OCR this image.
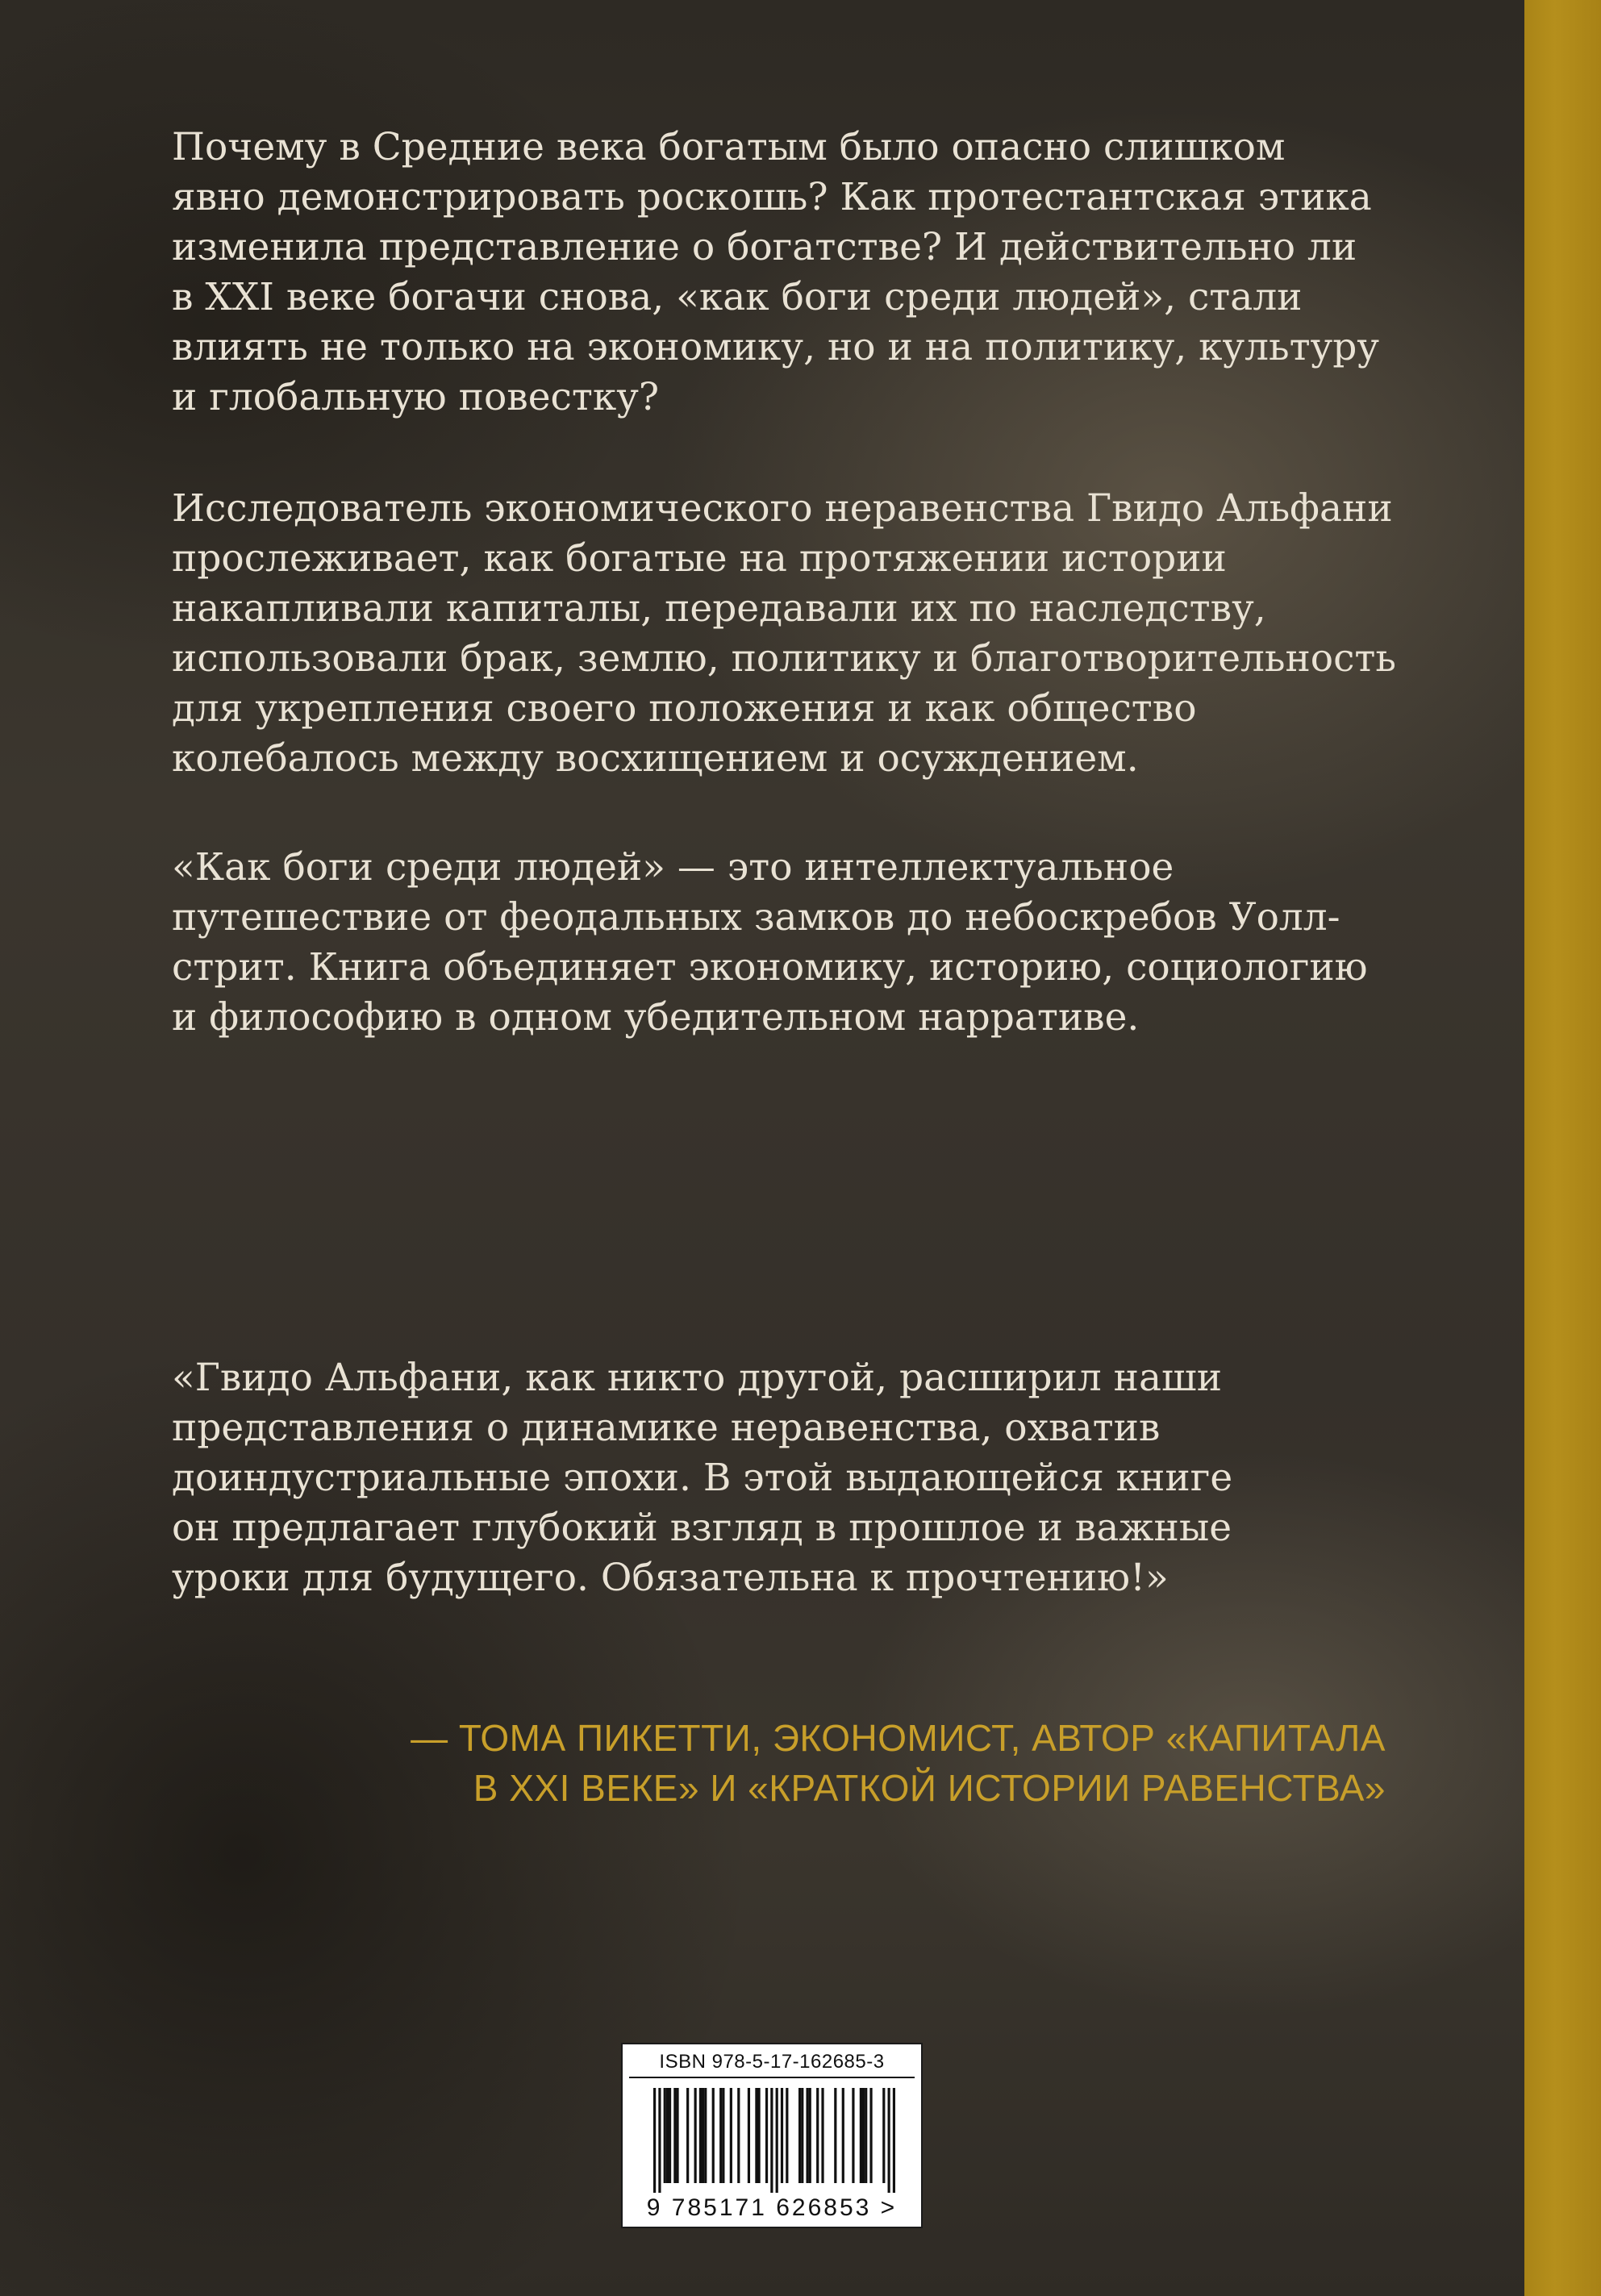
Почему в Средние века богатым было опасно слишком
явно демонстрировать роскошь? Как протестантская этика
изменила представление о богатстве? И действительно ли
в XXI веке богачи снова, «как боги среди людей», стали
влиять не только на экономику, но и на политику, культуру
и глобальную повестку?

Исследователь экономического неравенства Гвидо Альфани
прослеживает, как богатые на протяжении истории
накапливали капиталы, передавали их по наследству,
использовали брак, землю, политику и благотворительность
для укрепления своего положения и как общество
колебалось между восхищением и осуждением.

«Как боги среди людей» — это интеллектуальное
путешествие от феодальных замков до небоскребов Уолл-
стрит. Книга объединяет экономику, историю, социологию
и философию в одном убедительном нарративе.

«Гвидо Альфани, как никто другой, расширил наши
представления о динамике неравенства, охватив
доиндустриальные эпохи. В этой выдающейся книге
он предлагает глубокий взгляд в прошлое и важные
уроки для будущего. Обязательна к прочтению!»

— ТОМА ПИКЕТТИ, ЭКОНОМИСТ, АВТОР «КАПИТАЛА
В XXI ВЕКЕ» И «КРАТКОЙ ИСТОРИИ РАВЕНСТВА»
ISBN 978-5-17-162685-3
9 785171 626853 >
